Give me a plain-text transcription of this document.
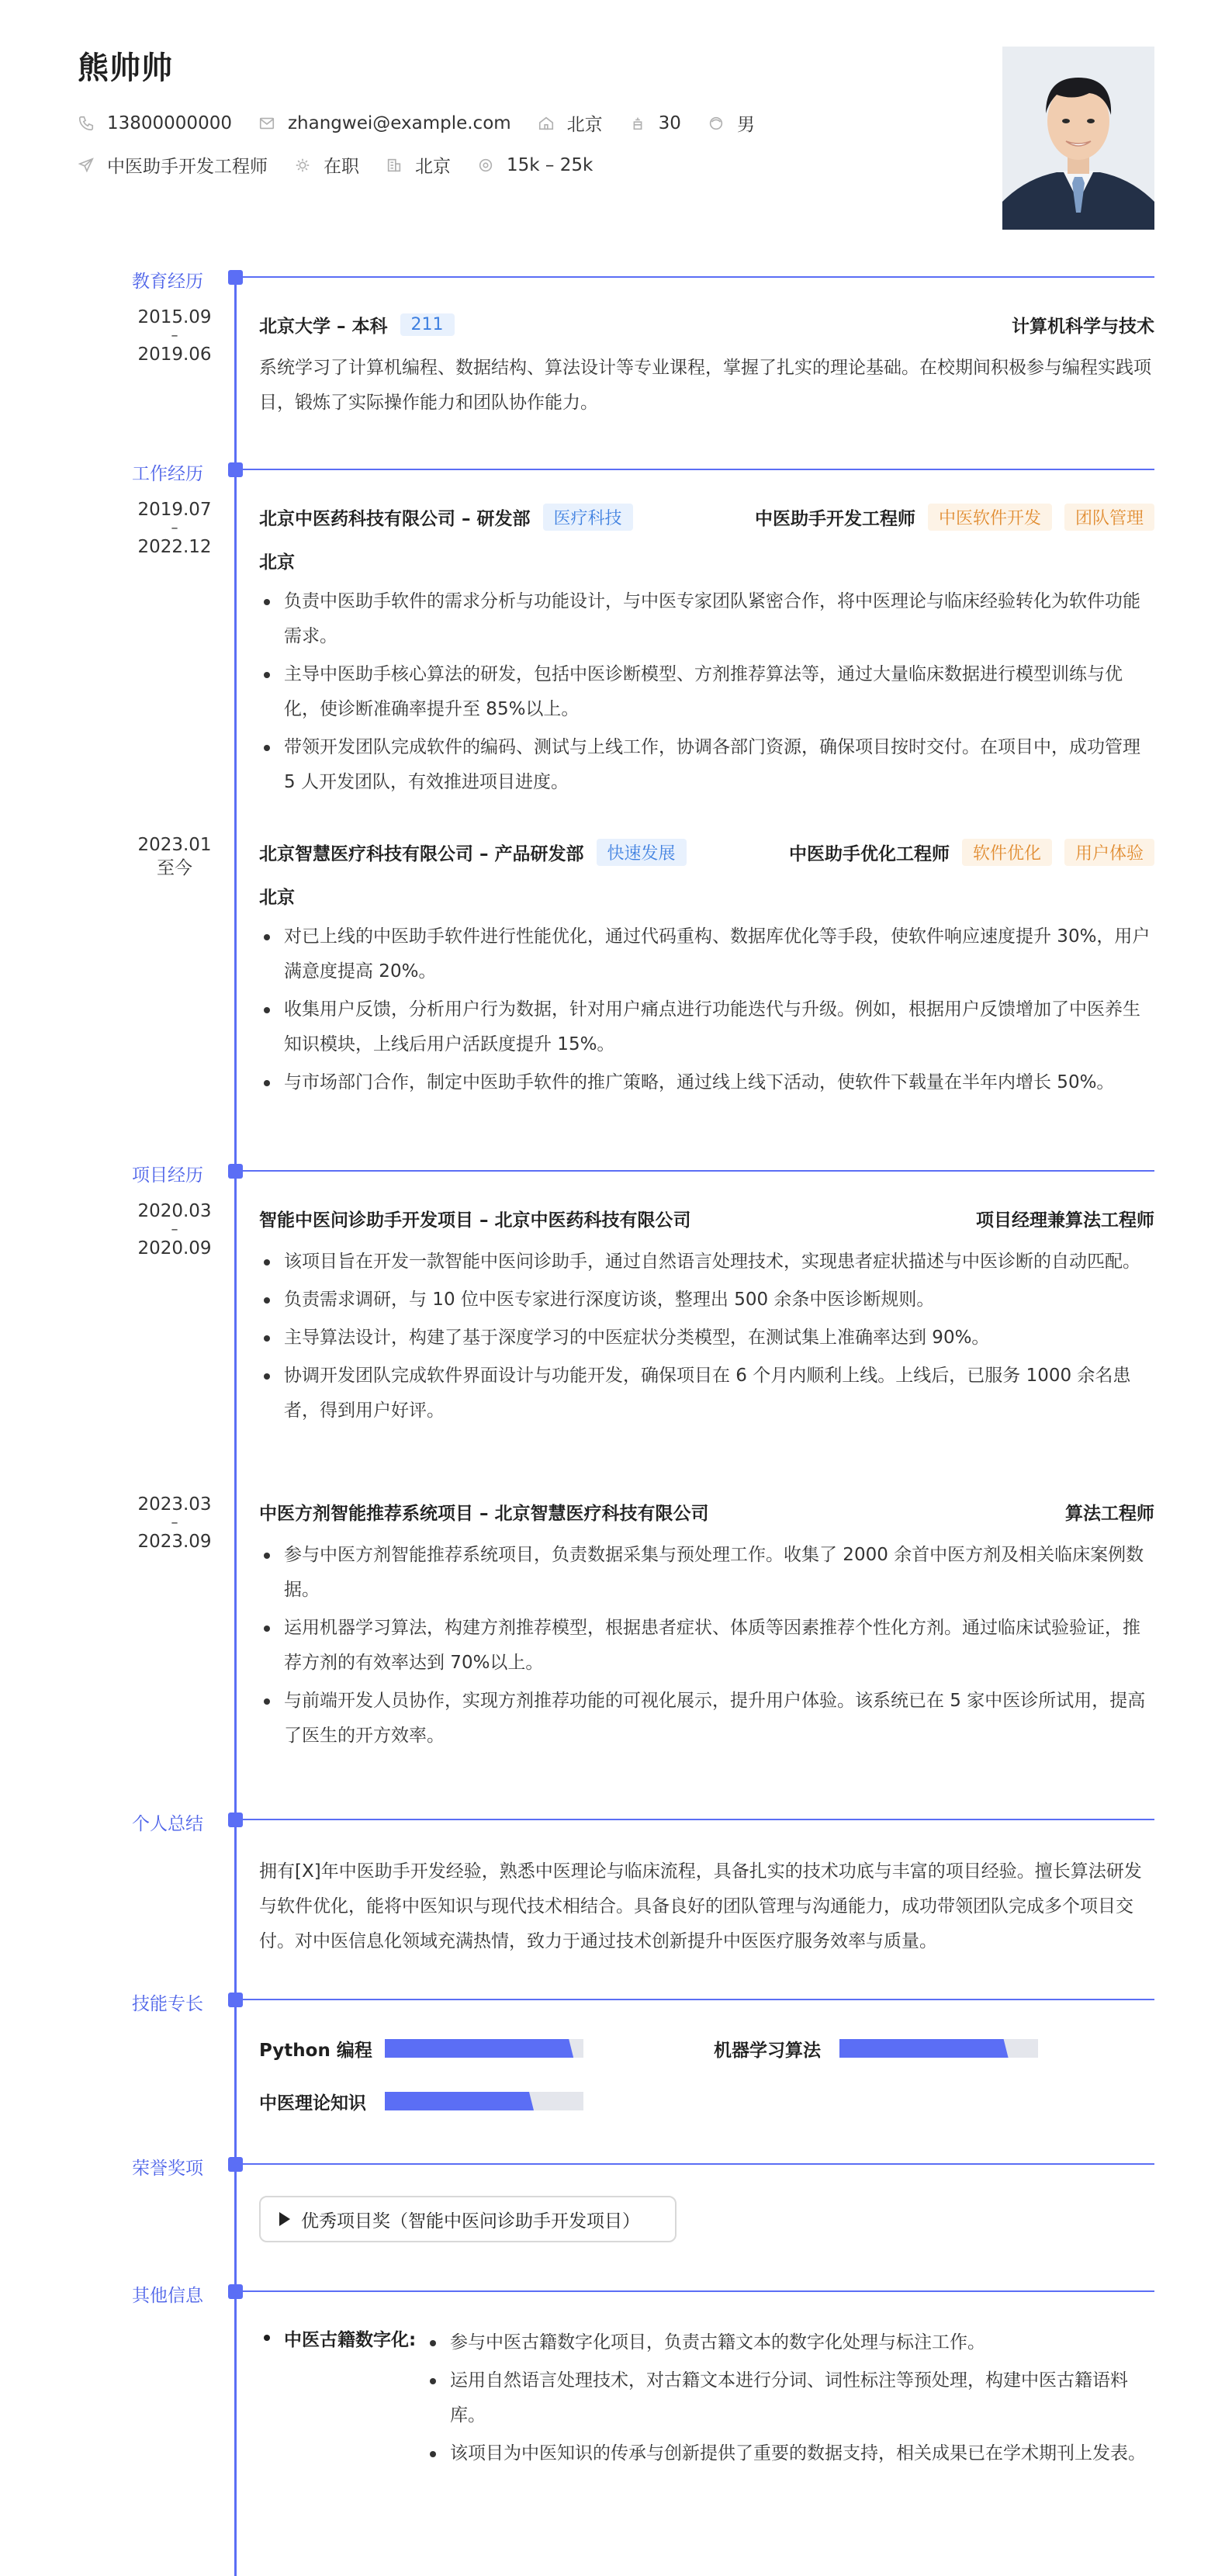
熊帅帅
13800000000	zhangwei@example.com	北京	30	男
中医助手开发工程师	在职	北京	15k – 25k
教育经历
2015.09
–
2019.06
北京大学 – 本科	211	计算机科学与技术
系统学习了计算机编程、数据结构、算法设计等专业课程，掌握了扎实的理论基础。在校期间积极参与编程实践项目，锻炼了实际操作能力和团队协作能力。
工作经历
2019.07
–
2022.12
北京中医药科技有限公司 – 研发部	医疗科技	中医助手开发工程师	中医软件开发	团队管理
北京
负责中医助手软件的需求分析与功能设计，与中医专家团队紧密合作，将中医理论与临床经验转化为软件功能需求。
主导中医助手核心算法的研发，包括中医诊断模型、方剂推荐算法等，通过大量临床数据进行模型训练与优化，使诊断准确率提升至 85%以上。
带领开发团队完成软件的编码、测试与上线工作，协调各部门资源，确保项目按时交付。在项目中，成功管理 5 人开发团队，有效推进项目进度。
2023.01
至今
北京智慧医疗科技有限公司 – 产品研发部	快速发展	中医助手优化工程师	软件优化	用户体验
北京
对已上线的中医助手软件进行性能优化，通过代码重构、数据库优化等手段，使软件响应速度提升 30%，用户满意度提高 20%。
收集用户反馈，分析用户行为数据，针对用户痛点进行功能迭代与升级。例如，根据用户反馈增加了中医养生知识模块，上线后用户活跃度提升 15%。
与市场部门合作，制定中医助手软件的推广策略，通过线上线下活动，使软件下载量在半年内增长 50%。
项目经历
2020.03
–
2020.09
智能中医问诊助手开发项目 – 北京中医药科技有限公司	项目经理兼算法工程师
该项目旨在开发一款智能中医问诊助手，通过自然语言处理技术，实现患者症状描述与中医诊断的自动匹配。
负责需求调研，与 10 位中医专家进行深度访谈，整理出 500 余条中医诊断规则。
主导算法设计，构建了基于深度学习的中医症状分类模型，在测试集上准确率达到 90%。
协调开发团队完成软件界面设计与功能开发，确保项目在 6 个月内顺利上线。上线后，已服务 1000 余名患者，得到用户好评。
2023.03
–
2023.09
中医方剂智能推荐系统项目 – 北京智慧医疗科技有限公司	算法工程师
参与中医方剂智能推荐系统项目，负责数据采集与预处理工作。收集了 2000 余首中医方剂及相关临床案例数据。
运用机器学习算法，构建方剂推荐模型，根据患者症状、体质等因素推荐个性化方剂。通过临床试验验证，推荐方剂的有效率达到 70%以上。
与前端开发人员协作，实现方剂推荐功能的可视化展示，提升用户体验。该系统已在 5 家中医诊所试用，提高了医生的开方效率。
个人总结
拥有[X]年中医助手开发经验，熟悉中医理论与临床流程，具备扎实的技术功底与丰富的项目经验。擅长算法研发与软件优化，能将中医知识与现代技术相结合。具备良好的团队管理与沟通能力，成功带领团队完成多个项目交付。对中医信息化领域充满热情，致力于通过技术创新提升中医医疗服务效率与质量。
技能专长
Python 编程	机器学习算法
中医理论知识
荣誉奖项
优秀项目奖（智能中医问诊助手开发项目）
其他信息
中医古籍数字化:	参与中医古籍数字化项目，负责古籍文本的数字化处理与标注工作。
运用自然语言处理技术，对古籍文本进行分词、词性标注等预处理，构建中医古籍语料库。
该项目为中医知识的传承与创新提供了重要的数据支持，相关成果已在学术期刊上发表。
